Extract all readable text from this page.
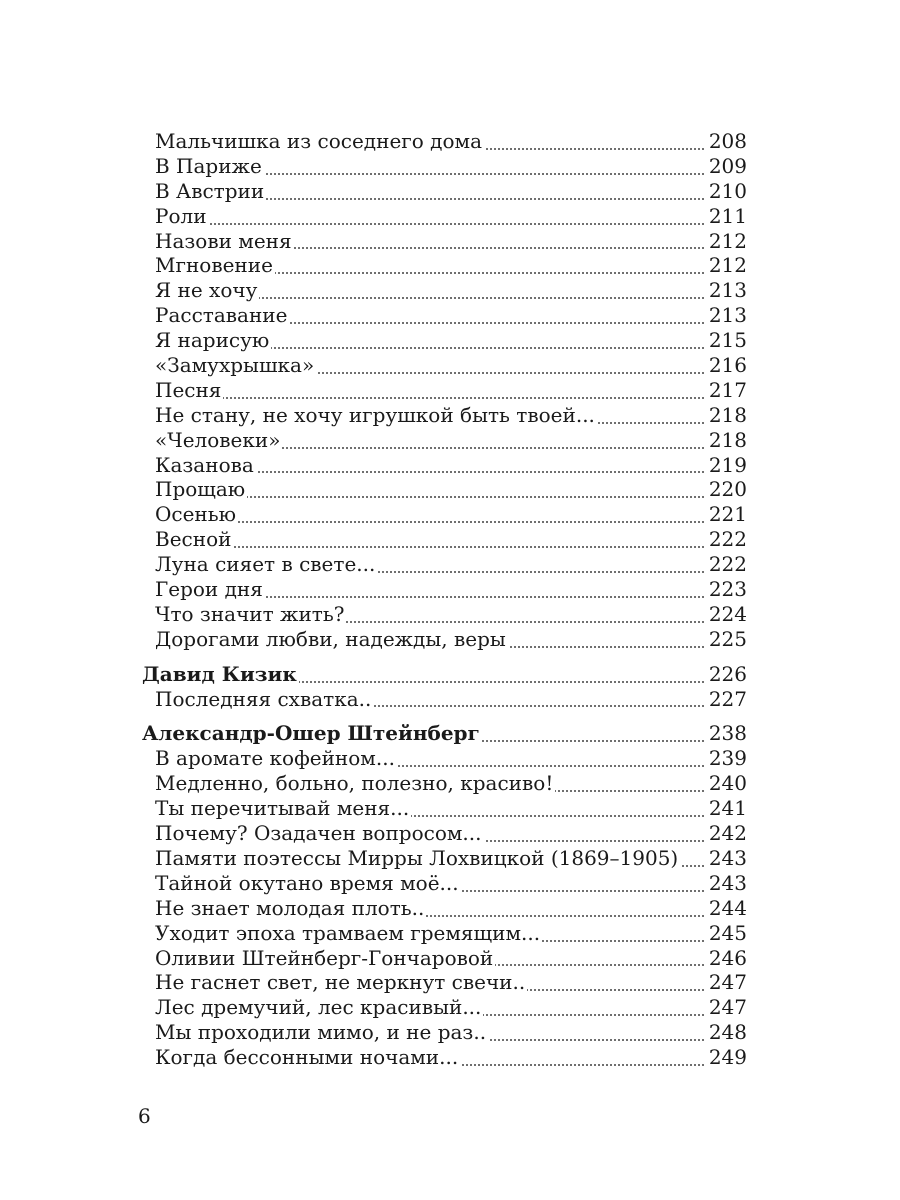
Мальчишка из соседнего дома	208
В Париже	209
В Австрии	210
Роли	211
Назови меня	212
Мгновение	212
Я не хочу	213
Расставание	213
Я нарисую	215
«Замухрышка»	216
Песня	217
Не стану, не хочу игрушкой быть твоей...	218
«Человеки»	218
Казанова	219
Прощаю	220
Осенью	221
Весной	222
Луна сияет в свете...	222
Герои дня	223
Что значит жить?	224
Дорогами любви, надежды, веры	225
Давид Кизик	226
Последняя схватка..	227
Александр-Ошер Штейнберг	238
В аромате кофейном...	239
Медленно, больно, полезно, красиво!	240
Ты перечитывай меня...	241
Почему? Озадачен вопросом...	242
Памяти поэтессы Мирры Лохвицкой (1869–1905) 243
Тайной окутано время моё...	243
Не знает молодая плоть..	244
Уходит эпоха трамваем гремящим...	245
Оливии Штейнберг-Гончаровой	246
Не гаснет свет, не меркнут свечи..	247
Лес дремучий, лес красивый...	247
Мы проходили мимо, и не раз..	248
Когда бессонными ночами...	249
6
